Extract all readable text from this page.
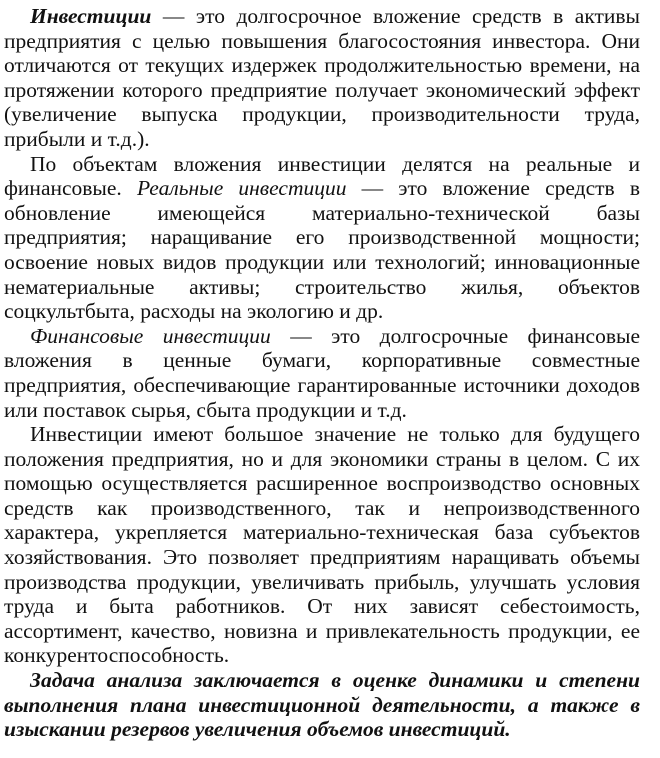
Инвестиции — это долгосрочное вложение средств в активы предприятия с целью повышения благосостояния инвестора. Они отличаются от текущих издержек продолжительностью времени, на протяжении которого предприятие получает экономический эффект (увеличение выпуска продукции, производительности труда, прибыли и т.д.).

По объектам вложения инвестиции делятся на реальные и финансовые. Реальные инвестиции — это вложение средств в обновление имеющейся материально-технической базы предприятия; наращивание его производственной мощности; освоение новых видов продукции или технологий; инновационные нематериальные активы; строительство жилья, объектов соцкультбыта, расходы на экологию и др.

Финансовые инвестиции — это долгосрочные финансовые вложения в ценные бумаги, корпоративные совместные предприятия, обеспечивающие гарантированные источники доходов или поставок сырья, сбыта продукции и т.д.

Инвестиции имеют большое значение не только для будущего положения предприятия, но и для экономики страны в целом. С их помощью осуществляется расширенное воспроизводство основных средств как производственного, так и непроизводственного характера, укрепляется материально-техническая база субъектов хозяйствования. Это позволяет предприятиям наращивать объемы производства продукции, увеличивать прибыль, улучшать условия труда и быта работников. От них зависят себестоимость, ассортимент, качество, новизна и привлекательность продукции, ее конкурентоспособность.

Задача анализа заключается в оценке динамики и степени выполнения плана инвестиционной деятельности, а также в изыскании резервов увеличения объемов инвестиций.
